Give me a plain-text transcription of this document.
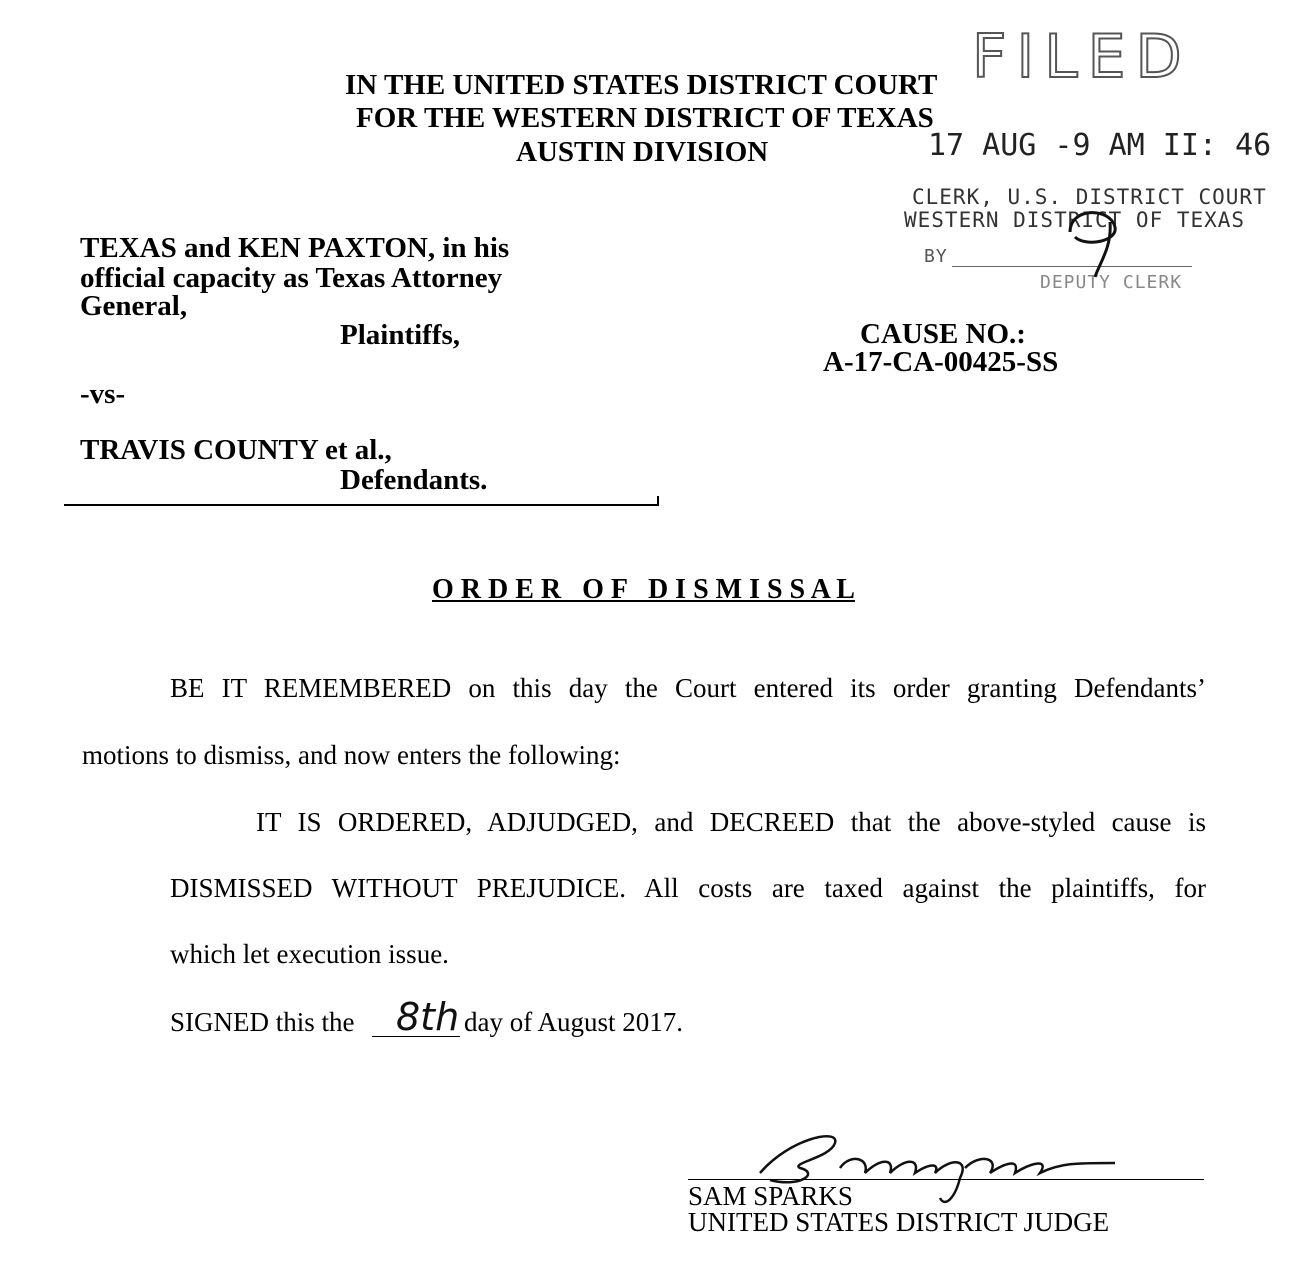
IN THE UNITED STATES DISTRICT COURT
FOR THE WESTERN DISTRICT OF TEXAS
AUSTIN DIVISION
FILED
17 AUG -9 AM II: 46
CLERK, U.S. DISTRICT COURT
WESTERN DISTRICT OF TEXAS
BY
DEPUTY CLERK
TEXAS and KEN PAXTON, in his
official capacity as Texas Attorney
General,
Plaintiffs,
-vs-
TRAVIS COUNTY et al.,
Defendants.
CAUSE NO.:
A-17-CA-00425-SS
O R D E R   O F   D I S M I S S A L
BE IT REMEMBERED on this day the Court entered its order granting Defendants’
motions to dismiss, and now enters the following:
IT IS ORDERED, ADJUDGED, and DECREED that the above-styled cause is
DISMISSED WITHOUT PREJUDICE. All costs are taxed against the plaintiffs, for
which let execution issue.
SIGNED this the 8th day of August 2017.
SAM SPARKS
UNITED STATES DISTRICT JUDGE
